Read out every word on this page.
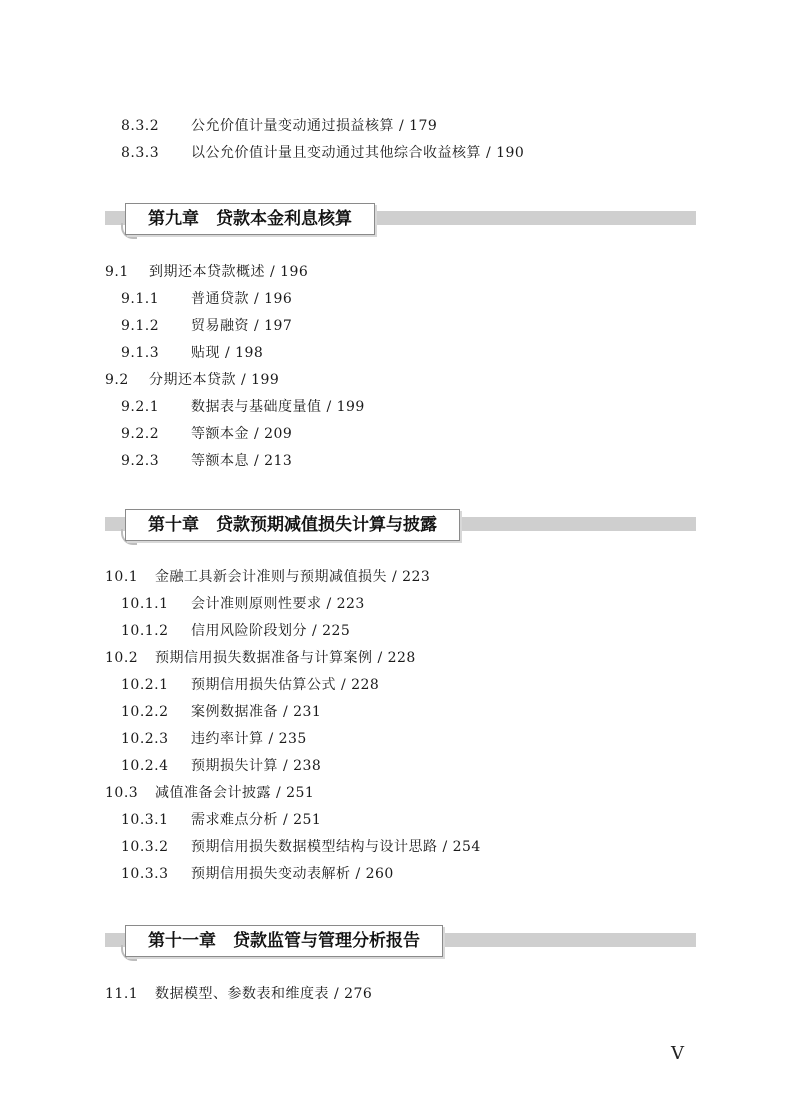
8.3.2 公允价值计量变动通过损益核算 / 179
8.3.3 以公允价值计量且变动通过其他综合收益核算 / 190
第九章　贷款本金利息核算
9.1 到期还本贷款概述 / 196
9.1.1 普通贷款 / 196
9.1.2 贸易融资 / 197
9.1.3 贴现 / 198
9.2 分期还本贷款 / 199
9.2.1 数据表与基础度量值 / 199
9.2.2 等额本金 / 209
9.2.3 等额本息 / 213
第十章　贷款预期减值损失计算与披露
10.1 金融工具新会计准则与预期减值损失 / 223
10.1.1 会计准则原则性要求 / 223
10.1.2 信用风险阶段划分 / 225
10.2 预期信用损失数据准备与计算案例 / 228
10.2.1 预期信用损失估算公式 / 228
10.2.2 案例数据准备 / 231
10.2.3 违约率计算 / 235
10.2.4 预期损失计算 / 238
10.3 减值准备会计披露 / 251
10.3.1 需求难点分析 / 251
10.3.2 预期信用损失数据模型结构与设计思路 / 254
10.3.3 预期信用损失变动表解析 / 260
第十一章　贷款监管与管理分析报告
11.1 数据模型、参数表和维度表 / 276
V
